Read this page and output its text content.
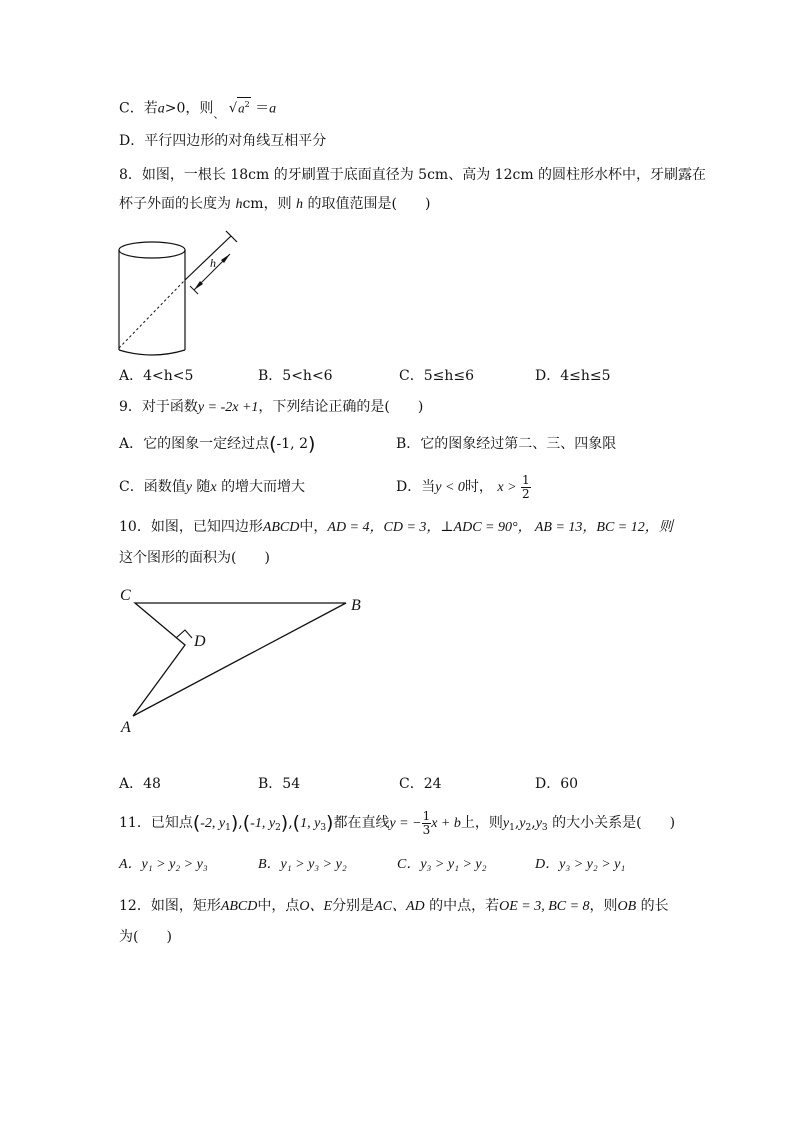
C．若a>0，则$_、$ $√a^2 =a$
D．平行四边形的对角线互相平分
8．如图，一根长 18cm 的牙刷置于底面直径为 5cm、高为 12cm 的圆柱形水杯中，牙刷露在
杯子外面的长度为 hcm，则 h 的取值范围是(　　)
h
A．4<h<5	B．5<h<6	C．5≤h≤6	D．4≤h≤5
9．对于函数y = -2x +1，下列结论正确的是(　　)
A．它的图象一定经过点(-1, 2)	B．它的图象经过第二、三、四象限
C．函数值y 随x 的增大而增大	D．当y < 0时， $x > \frac{1}{2}$
10．如图，已知四边形ABCD中，AD = 4，CD = 3，⊥ADC = 90°， AB = 13，BC = 12，则
这个图形的面积为(　　)
C
B
D
A
A．48	B．54	C．24	D．60
11．已知点(-2, $y_1),(-1$, $y_2),(1$, $y_3$)都在直线y = − $\frac{1}{3}$ x + b上，则$y_1,y_2,y_3$ 的大小关系是(　　)
A．y₁ > y₂ > y₃	B．y₁ > y₃ > y₂	C．y₃ > y₁ > y₂	D．y₃ > y₂ > y₁
12．如图，矩形ABCD中，点O、E分别是AC、AD 的中点，若OE = 3, BC = 8，则OB 的长
为(　　)
